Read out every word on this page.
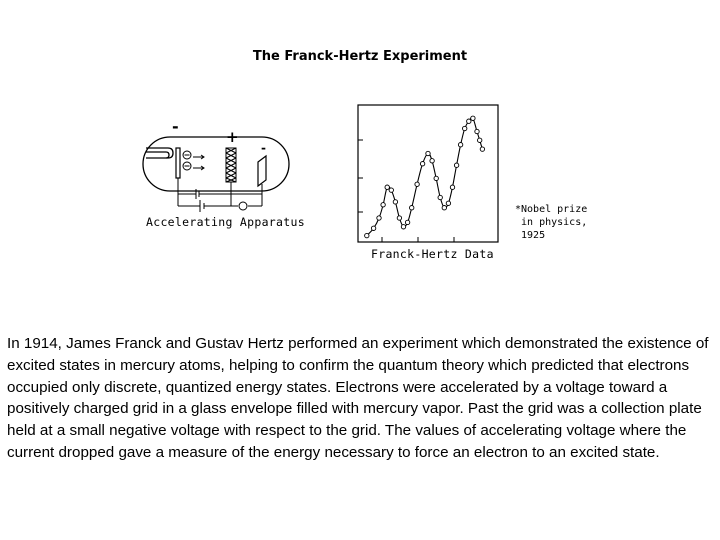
The Franck-Hertz Experiment
-
+
-
Accelerating Apparatus
Franck-Hertz Data
*Nobel prize
in physics,
1925

In 1914, James Franck and Gustav Hertz performed an experiment which demonstrated the existence of excited states in mercury atoms, helping to confirm the quantum theory which predicted that electrons occupied only discrete, quantized energy states. Electrons were accelerated by a voltage toward a positively charged grid in a glass envelope filled with mercury vapor. Past the grid was a collection plate held at a small negative voltage with respect to the grid. The values of accelerating voltage where the current dropped gave a measure of the energy necessary to force an electron to an excited state.
